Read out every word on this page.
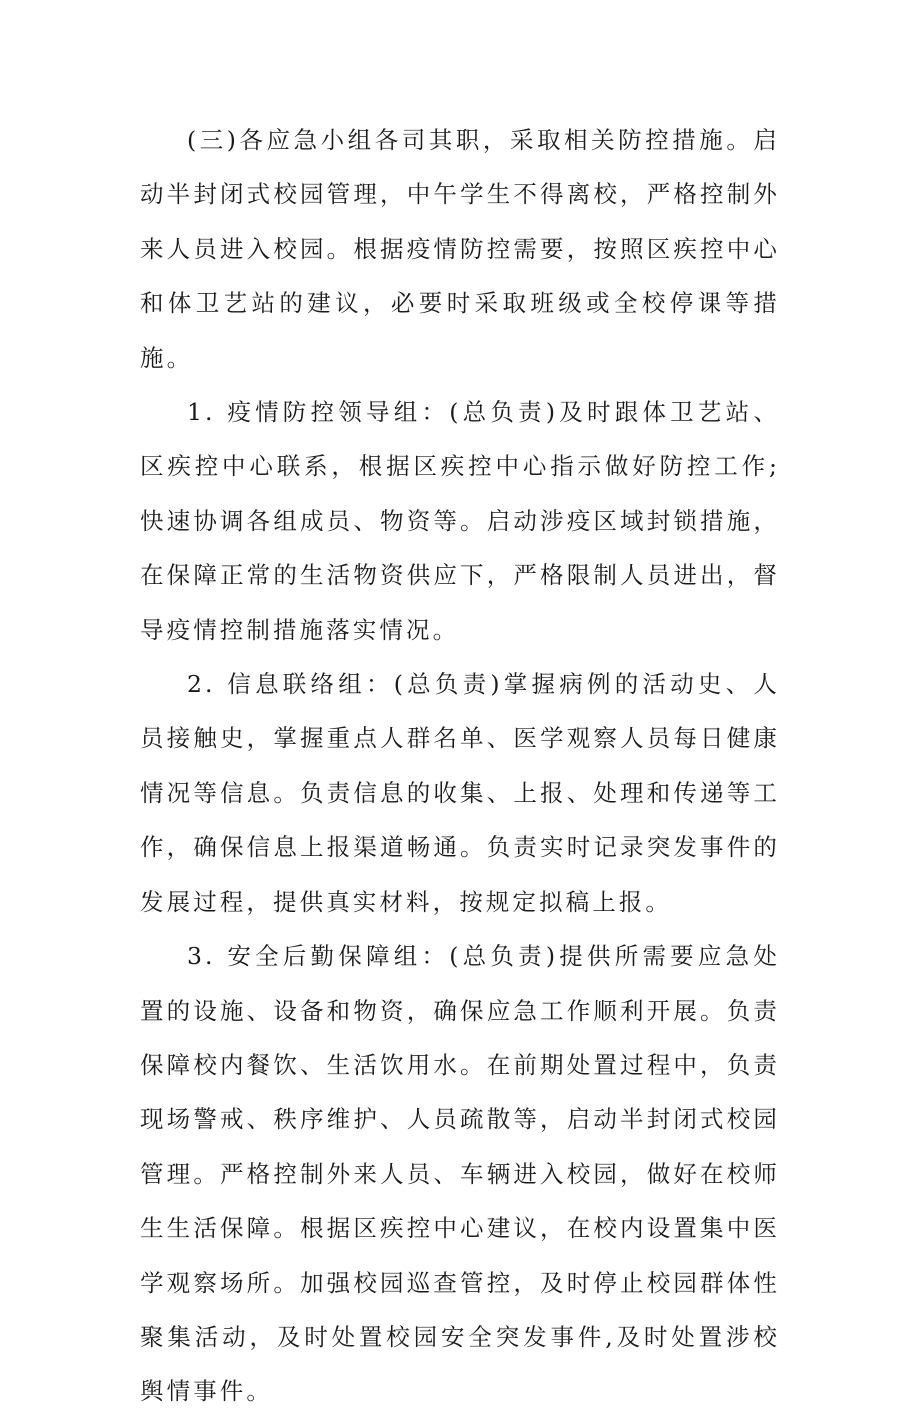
(三)各应急小组各司其职，采取相关防控措施。启动半封闭式校园管理，中午学生不得离校，严格控制外来人员进入校园。根据疫情防控需要，按照区疾控中心和体卫艺站的建议，必要时采取班级或全校停课等措施。

1. 疫情防控领导组：(总负责)及时跟体卫艺站、区疾控中心联系，根据区疾控中心指示做好防控工作;快速协调各组成员、物资等。启动涉疫区域封锁措施，在保障正常的生活物资供应下，严格限制人员进出，督导疫情控制措施落实情况。

2. 信息联络组：(总负责)掌握病例的活动史、人员接触史，掌握重点人群名单、医学观察人员每日健康情况等信息。负责信息的收集、上报、处理和传递等工作，确保信息上报渠道畅通。负责实时记录突发事件的发展过程，提供真实材料，按规定拟稿上报。

3. 安全后勤保障组：(总负责)提供所需要应急处置的设施、设备和物资，确保应急工作顺利开展。负责保障校内餐饮、生活饮用水。在前期处置过程中，负责现场警戒、秩序维护、人员疏散等，启动半封闭式校园管理。严格控制外来人员、车辆进入校园，做好在校师生生活保障。根据区疾控中心建议，在校内设置集中医学观察场所。加强校园巡查管控，及时停止校园群体性聚集活动，及时处置校园安全突发事件,及时处置涉校舆情事件。
